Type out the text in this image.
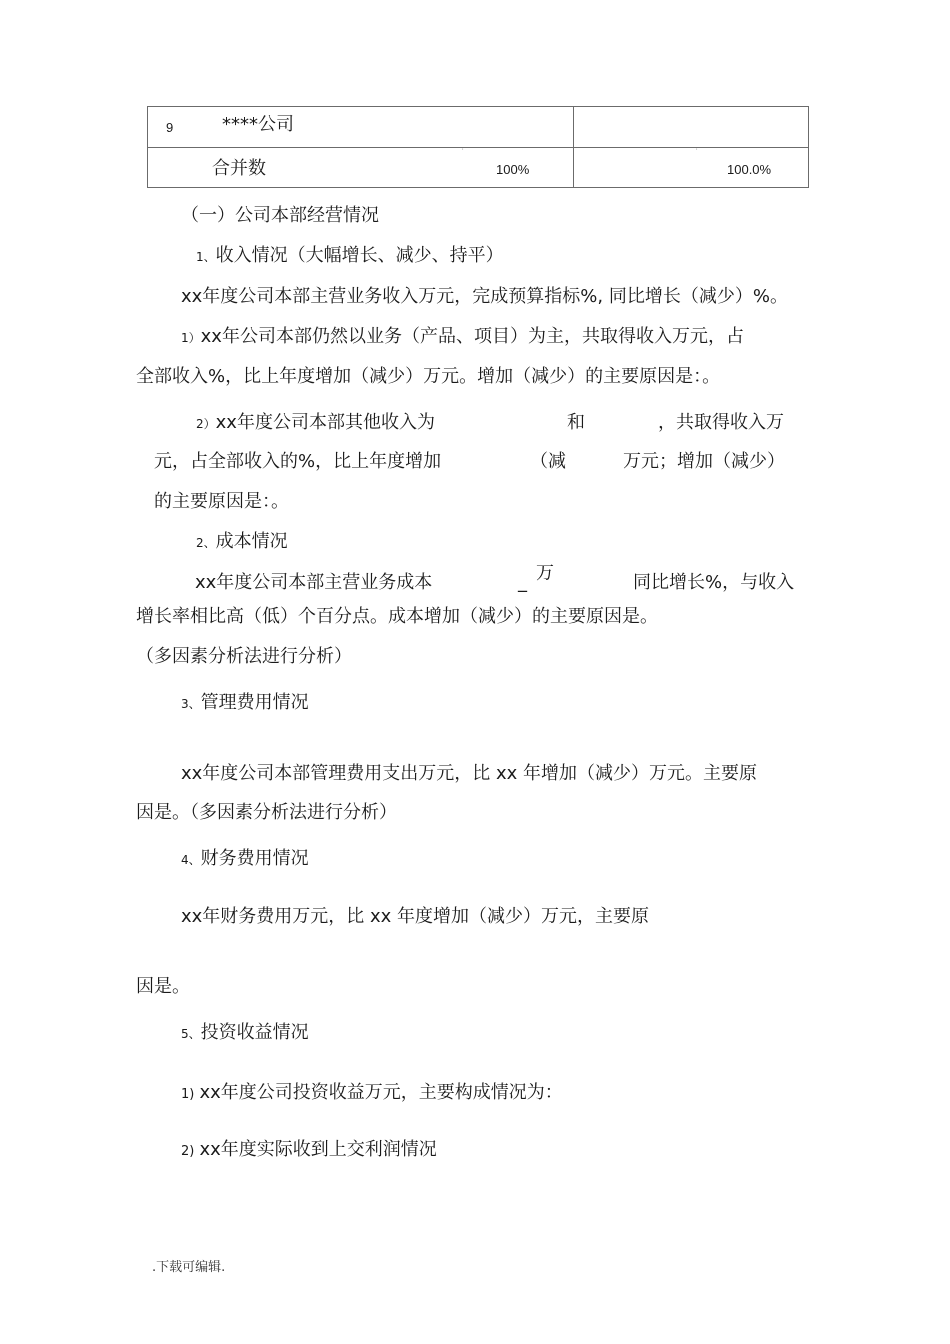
ˈ	ˈ
9	****公司
合并数	100%	100.0%
（一）公司本部经营情况
1、收入情况（大幅增长、减少、持平）
xx年度公司本部主营业务收入万元，完成预算指标%, 同比增长（减少）%。
1）xx年公司本部仍然以业务（产品、项目）为主，共取得收入万元，占
全部收入%，比上年度增加（减少）万元。增加（减少）的主要原因是：。
2）xx年度公司本部其他收入为	和	，共取得收入万
元，占全部收入的%，比上年度增加	（减	万元；增加（减少）
的主要原因是：。
2、成本情况
xx年度公司本部主营业务成本	_ 万	同比增长%，与收入
增长率相比高（低）个百分点。成本增加（减少）的主要原因是。
（多因素分析法进行分析）
3、管理费用情况
xx年度公司本部管理费用支出万元，比 xx 年增加（减少）万元。主要原
因是。（多因素分析法进行分析）
4、财务费用情况
xx年财务费用万元，比 xx 年度增加（减少）万元，主要原
因是。
5、投资收益情况
1) xx年度公司投资收益万元，主要构成情况为：
2) xx年度实际收到上交利润情况
.下载可编辑.
